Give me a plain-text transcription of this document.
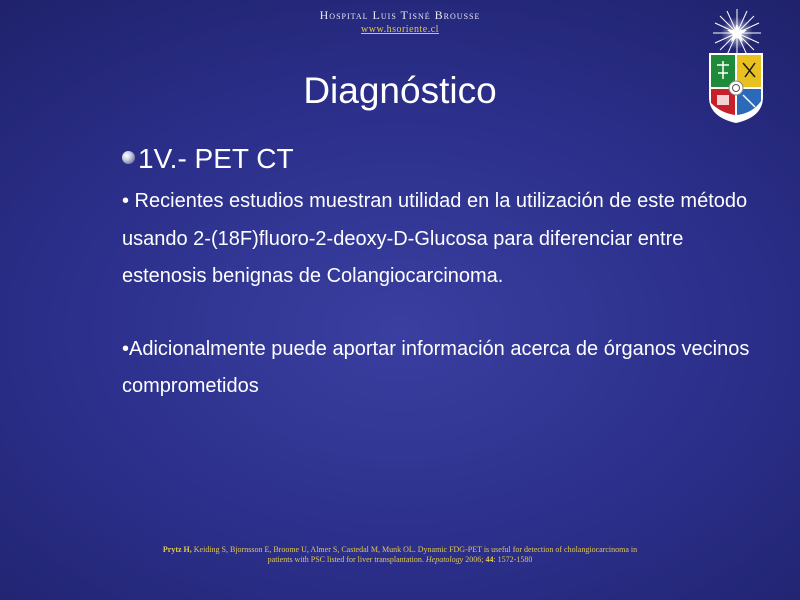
Hospital Luis Tisné Brousse
www.hsoriente.cl
Diagnóstico
1V.- PET CT

• Recientes estudios muestran utilidad en la utilización de este método usando 2-(18F)fluoro-2-deoxy-D-Glucosa para diferenciar entre estenosis benignas de Colangiocarcinoma.

•Adicionalmente puede aportar información acerca de órganos vecinos comprometidos

Prytz H, Keiding S, Bjornsson E, Broome U, Almer S, Castedal M, Munk OL. Dynamic FDG-PET is useful for detection of cholangiocarcinoma in patients with PSC listed for liver transplantation. Hepatology 2006; 44: 1572-1580
